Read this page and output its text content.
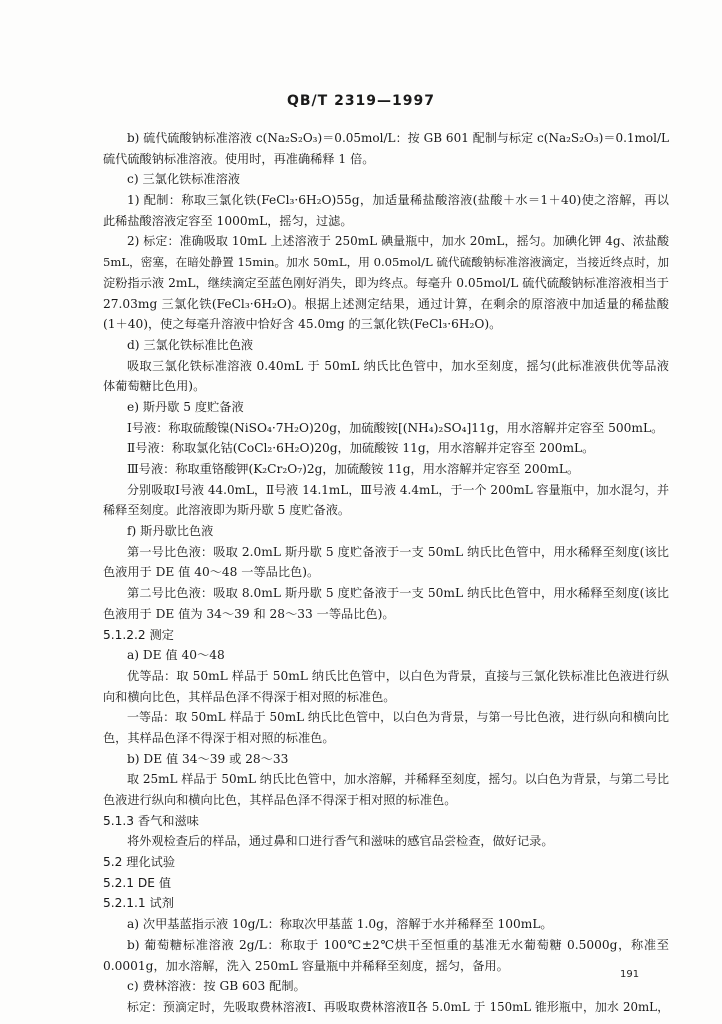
QB/T 2319—1997
b) 硫代硫酸钠标准溶液 c(Na₂S₂O₃)＝0.05mol/L：按 GB 601 配制与标定 c(Na₂S₂O₃)＝0.1mol/L
硫代硫酸钠标准溶液。使用时，再准确稀释 1 倍。
c) 三氯化铁标准溶液
1) 配制：称取三氯化铁(FeCl₃·6H₂O)55g，加适量稀盐酸溶液(盐酸＋水＝1＋40)使之溶解，再以
此稀盐酸溶液定容至 1000mL，摇匀，过滤。
2) 标定：准确吸取 10mL 上述溶液于 250mL 碘量瓶中，加水 20mL，摇匀。加碘化钾 4g、浓盐酸
5mL，密塞，在暗处静置 15min。加水 50mL，用 0.05mol/L 硫代硫酸钠标准溶液滴定，当接近终点时，加
淀粉指示液 2mL，继续滴定至蓝色刚好消失，即为终点。每毫升 0.05mol/L 硫代硫酸钠标准溶液相当于
27.03mg 三氯化铁(FeCl₃·6H₂O)。根据上述测定结果，通过计算，在剩余的原溶液中加适量的稀盐酸
(1＋40)，使之每毫升溶液中恰好含 45.0mg 的三氯化铁(FeCl₃·6H₂O)。
d) 三氯化铁标准比色液
吸取三氯化铁标准溶液 0.40mL 于 50mL 纳氏比色管中，加水至刻度，摇匀(此标准液供优等品液
体葡萄糖比色用)。
e) 斯丹歇 5 度贮备液
Ⅰ号液：称取硫酸镍(NiSO₄·7H₂O)20g，加硫酸铵[(NH₄)₂SO₄]11g，用水溶解并定容至 500mL。
Ⅱ号液：称取氯化钴(CoCl₂·6H₂O)20g，加硫酸铵 11g，用水溶解并定容至 200mL。
Ⅲ号液：称取重铬酸钾(K₂Cr₂O₇)2g，加硫酸铵 11g，用水溶解并定容至 200mL。
分别吸取Ⅰ号液 44.0mL，Ⅱ号液 14.1mL，Ⅲ号液 4.4mL，于一个 200mL 容量瓶中，加水混匀，并
稀释至刻度。此溶液即为斯丹歇 5 度贮备液。
f) 斯丹歇比色液
第一号比色液：吸取 2.0mL 斯丹歇 5 度贮备液于一支 50mL 纳氏比色管中，用水稀释至刻度(该比
色液用于 DE 值 40～48 一等品比色)。
第二号比色液：吸取 8.0mL 斯丹歇 5 度贮备液于一支 50mL 纳氏比色管中，用水稀释至刻度(该比
色液用于 DE 值为 34～39 和 28～33 一等品比色)。
5.1.2.2 测定
a) DE 值 40～48
优等品：取 50mL 样品于 50mL 纳氏比色管中，以白色为背景，直接与三氯化铁标准比色液进行纵
向和横向比色，其样品色泽不得深于相对照的标准色。
一等品：取 50mL 样品于 50mL 纳氏比色管中，以白色为背景，与第一号比色液，进行纵向和横向比
色，其样品色泽不得深于相对照的标准色。
b) DE 值 34～39 或 28～33
取 25mL 样品于 50mL 纳氏比色管中，加水溶解，并稀释至刻度，摇匀。以白色为背景，与第二号比
色液进行纵向和横向比色，其样品色泽不得深于相对照的标准色。
5.1.3 香气和滋味
将外观检查后的样品，通过鼻和口进行香气和滋味的感官品尝检查，做好记录。
5.2 理化试验
5.2.1 DE 值
5.2.1.1 试剂
a) 次甲基蓝指示液 10g/L：称取次甲基蓝 1.0g，溶解于水并稀释至 100mL。
b) 葡萄糖标准溶液 2g/L：称取于 100℃±2℃烘干至恒重的基准无水葡萄糖 0.5000g，称准至
0.0001g，加水溶解，洗入 250mL 容量瓶中并稀释至刻度，摇匀，备用。
c) 费林溶液：按 GB 603 配制。
标定：预滴定时，先吸取费林溶液Ⅰ、再吸取费林溶液Ⅱ各 5.0mL 于 150mL 锥形瓶中，加水 20mL，
191
